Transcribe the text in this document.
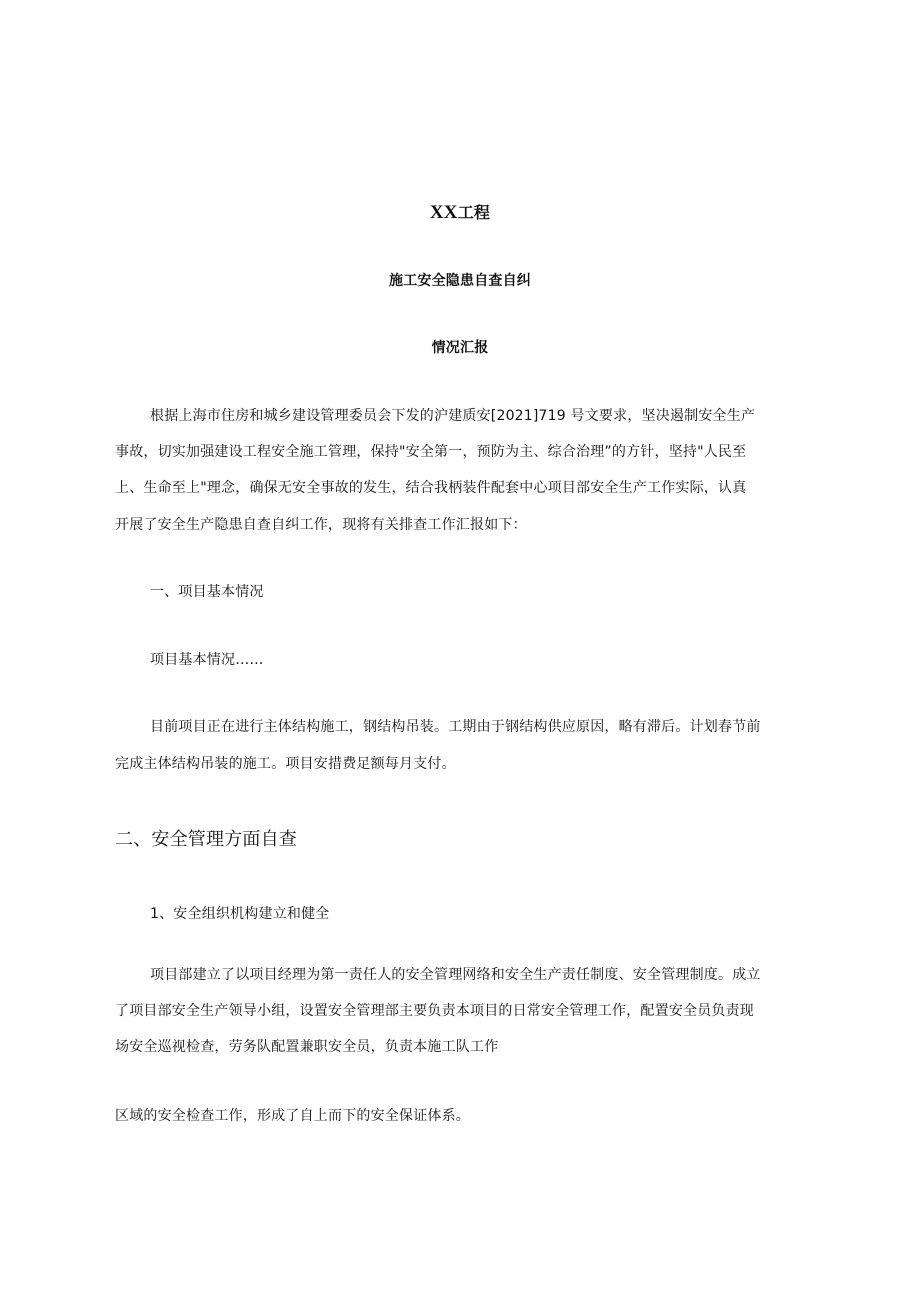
XX工程

施工安全隐患自查自纠

情况汇报

根据上海市住房和城乡建设管理委员会下发的沪建质安[2021]719 号文要求，坚决遏制安全生产

事故，切实加强建设工程安全施工管理，保持"安全第一，预防为主、综合治理”的方针，坚持"人民至

上、生命至上"理念，确保无安全事故的发生，结合我柄装件配套中心项目部安全生产工作实际，认真

开展了安全生产隐患自查自纠工作，现将有关排查工作汇报如下：

一、项目基本情况

项目基本情况……

目前项目正在进行主体结构施工，钢结构吊装。工期由于钢结构供应原因，略有滞后。计划春节前

完成主体结构吊装的施工。项目安措费足额每月支付。

二、安全管理方面自查

1、安全组织机构建立和健全

项目部建立了以项目经理为第一责任人的安全管理网络和安全生产责任制度、安全管理制度。成立

了项目部安全生产领导小组，设置安全管理部主要负责本项目的日常安全管理工作，配置安全员负责现

场安全巡视检查，劳务队配置兼职安全员，负责本施工队工作

区域的安全检查工作，形成了自上而下的安全保证体系。
